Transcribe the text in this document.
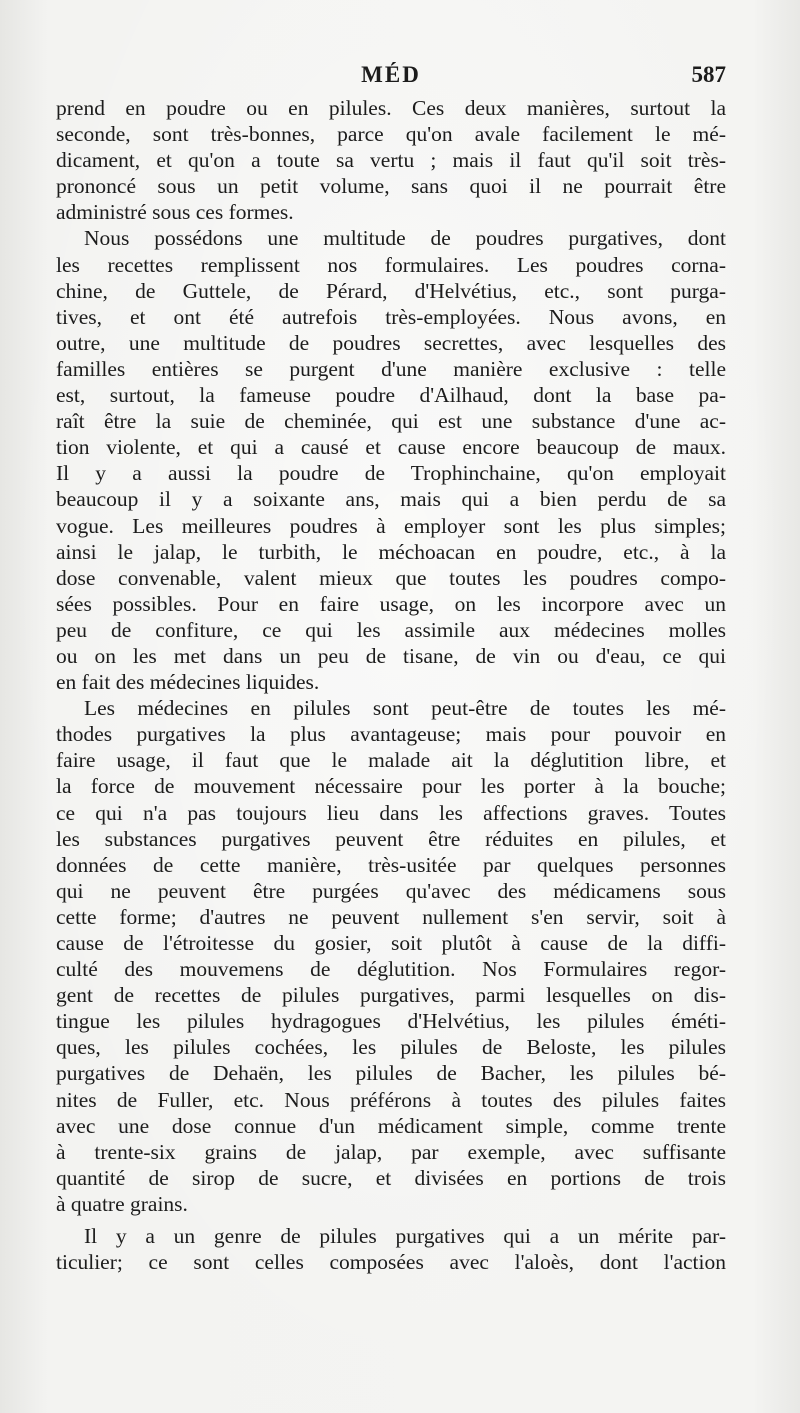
MÉD	587
prend en poudre ou en pilules. Ces deux manières, surtout la
seconde, sont très-bonnes, parce qu'on avale facilement le mé-
dicament, et qu'on a toute sa vertu ; mais il faut qu'il soit très-
prononcé sous un petit volume, sans quoi il ne pourrait être
administré sous ces formes.
Nous possédons une multitude de poudres purgatives, dont
les recettes remplissent nos formulaires. Les poudres corna-
chine, de Guttele, de Pérard, d'Helvétius, etc., sont purga-
tives, et ont été autrefois très-employées. Nous avons, en
outre, une multitude de poudres secrettes, avec lesquelles des
familles entières se purgent d'une manière exclusive : telle
est, surtout, la fameuse poudre d'Ailhaud, dont la base pa-
raît être la suie de cheminée, qui est une substance d'une ac-
tion violente, et qui a causé et cause encore beaucoup de maux.
Il y a aussi la poudre de Trophinchaine, qu'on employait
beaucoup il y a soixante ans, mais qui a bien perdu de sa
vogue. Les meilleures poudres à employer sont les plus simples;
ainsi le jalap, le turbith, le méchoacan en poudre, etc., à la
dose convenable, valent mieux que toutes les poudres compo-
sées possibles. Pour en faire usage, on les incorpore avec un
peu de confiture, ce qui les assimile aux médecines molles
ou on les met dans un peu de tisane, de vin ou d'eau, ce qui
en fait des médecines liquides.
Les médecines en pilules sont peut-être de toutes les mé-
thodes purgatives la plus avantageuse; mais pour pouvoir en
faire usage, il faut que le malade ait la déglutition libre, et
la force de mouvement nécessaire pour les porter à la bouche;
ce qui n'a pas toujours lieu dans les affections graves. Toutes
les substances purgatives peuvent être réduites en pilules, et
données de cette manière, très-usitée par quelques personnes
qui ne peuvent être purgées qu'avec des médicamens sous
cette forme; d'autres ne peuvent nullement s'en servir, soit à
cause de l'étroitesse du gosier, soit plutôt à cause de la diffi-
culté des mouvemens de déglutition. Nos Formulaires regor-
gent de recettes de pilules purgatives, parmi lesquelles on dis-
tingue les pilules hydragogues d'Helvétius, les pilules éméti-
ques, les pilules cochées, les pilules de Beloste, les pilules
purgatives de Dehaën, les pilules de Bacher, les pilules bé-
nites de Fuller, etc. Nous préférons à toutes des pilules faites
avec une dose connue d'un médicament simple, comme trente
à trente-six grains de jalap, par exemple, avec suffisante
quantité de sirop de sucre, et divisées en portions de trois
à quatre grains.
Il y a un genre de pilules purgatives qui a un mérite par-
ticulier; ce sont celles composées avec l'aloès, dont l'action
